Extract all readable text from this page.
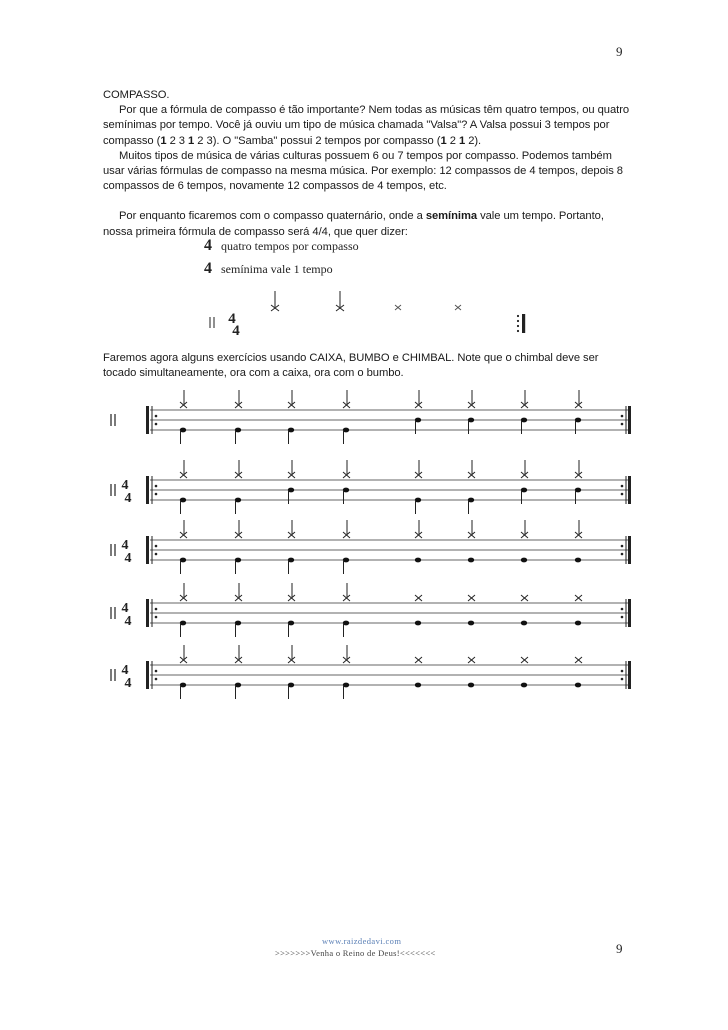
9

COMPASSO.

Por que a fórmula de compasso é tão importante? Nem todas as músicas têm quatro tempos, ou quatro semínimas por tempo. Você já ouviu um tipo de música chamada "Valsa"? A Valsa possui 3 tempos por compasso (1 2 3 1 2 3). O "Samba" possui 2 tempos por compasso (1 2 1 2).

Muitos tipos de música de várias culturas possuem 6 ou 7 tempos por compasso. Podemos também usar várias fórmulas de compasso na mesma música. Por exemplo: 12 compassos de 4 tempos, depois 8 compassos de 6 tempos, novamente 12 compassos de 4 tempos, etc.

Por enquanto ficaremos com o compasso quaternário, onde a semínima vale um tempo. Portanto, nossa primeira fórmula de compasso será 4/4, que quer dizer:

4 quatro tempos por compasso
4 semínima vale 1 tempo
4
4
Faremos agora alguns exercícios usando CAIXA, BUMBO e CHIMBAL. Note que o chimbal deve ser tocado simultaneamente, ora com a caixa, ora com o bumbo.
4
4
4
4
4
4
4
4
www.raizdedavi.com
>>>>>>>Venha o Reino de Deus!<<<<<<<	9
